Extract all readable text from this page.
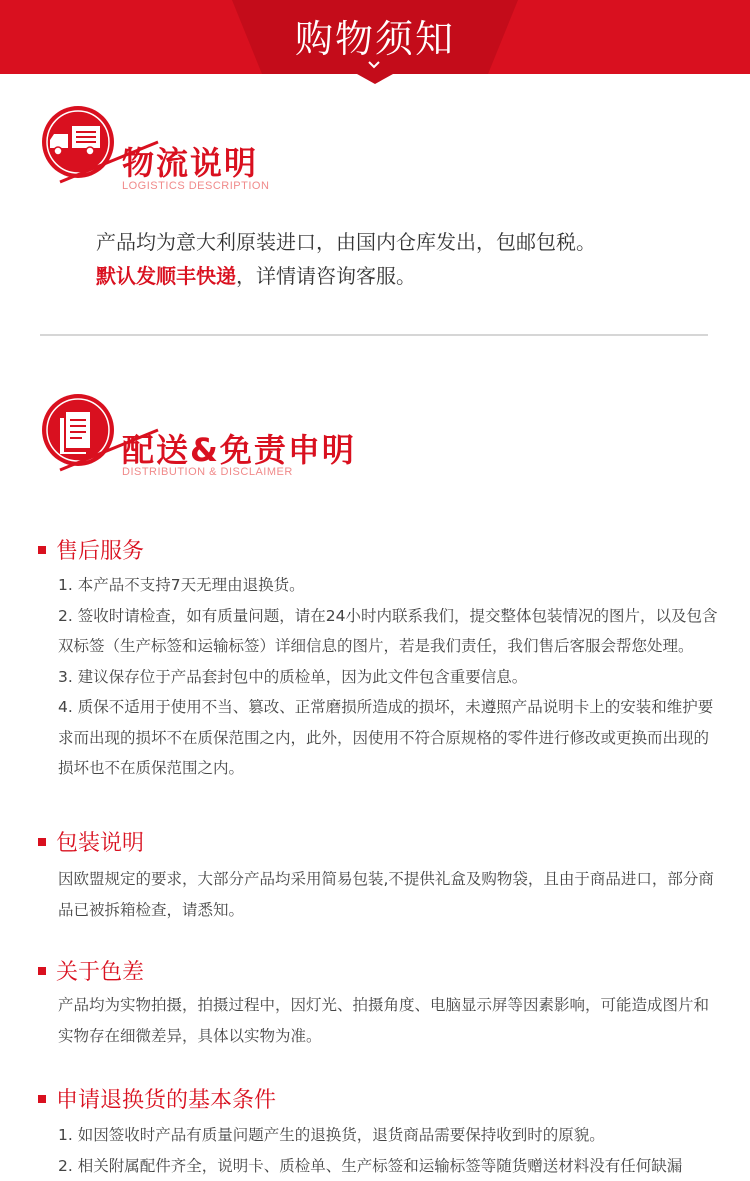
购物须知
物流说明
LOGISTICS DESCRIPTION
产品均为意大利原装进口，由国内仓库发出，包邮包税。
默认发顺丰快递，详情请咨询客服。
配送&免责申明
DISTRIBUTION & DISCLAIMER
售后服务

1. 本产品不支持7天无理由退换货。

2. 签收时请检查，如有质量问题，请在24小时内联系我们，提交整体包装情况的图片，以及包含双标签（生产标签和运输标签）详细信息的图片，若是我们责任，我们售后客服会帮您处理。

3. 建议保存位于产品套封包中的质检单，因为此文件包含重要信息。

4. 质保不适用于使用不当、篡改、正常磨损所造成的损坏，未遵照产品说明卡上的安装和维护要求而出现的损坏不在质保范围之内，此外，因使用不符合原规格的零件进行修改或更换而出现的损坏也不在质保范围之内。

包装说明

因欧盟规定的要求，大部分产品均采用简易包装,不提供礼盒及购物袋，且由于商品进口，部分商品已被拆箱检查，请悉知。

关于色差

产品均为实物拍摄，拍摄过程中，因灯光、拍摄角度、电脑显示屏等因素影响，可能造成图片和实物存在细微差异，具体以实物为准。

申请退换货的基本条件

1. 如因签收时产品有质量问题产生的退换货，退货商品需要保持收到时的原貌。

2. 相关附属配件齐全，说明卡、质检单、生产标签和运输标签等随货赠送材料没有任何缺漏
